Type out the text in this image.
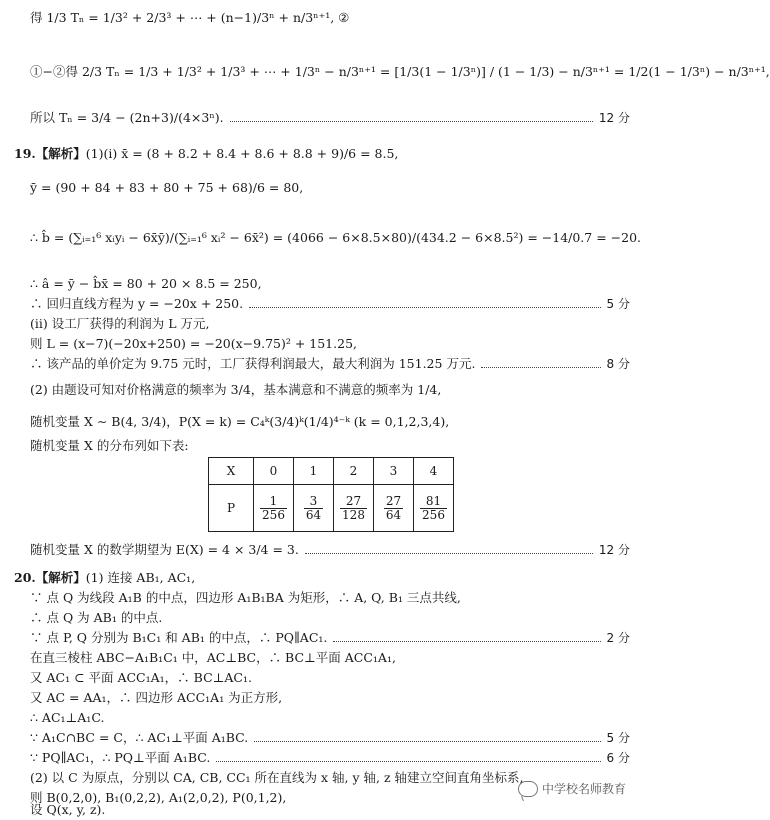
得 1/3 Tₙ = 1/3² + 2/3³ + ⋯ + (n−1)/3ⁿ + n/3ⁿ⁺¹, ②
①−②得 2/3 Tₙ = 1/3 + 1/3² + 1/3³ + ⋯ + 1/3ⁿ − n/3ⁿ⁺¹ = [1/3(1 − 1/3ⁿ)] / (1 − 1/3) − n/3ⁿ⁺¹ = 1/2(1 − 1/3ⁿ) − n/3ⁿ⁺¹,
所以 Tₙ = 3/4 − (2n+3)/(4×3ⁿ).	12 分
19.【解析】(1)(ⅰ) x̄ = (8 + 8.2 + 8.4 + 8.6 + 8.8 + 9)/6 = 8.5,
ȳ = (90 + 84 + 83 + 80 + 75 + 68)/6 = 80,
∴ b̂ = (∑ᵢ₌₁⁶ xᵢyᵢ − 6x̄ȳ)/(∑ᵢ₌₁⁶ xᵢ² − 6x̄²) = (4066 − 6×8.5×80)/(434.2 − 6×8.5²) = −14/0.7 = −20.
∴ â = ȳ − b̂x̄ = 80 + 20 × 8.5 = 250,
∴ 回归直线方程为 y = −20x + 250.	5 分
(ⅱ) 设工厂获得的利润为 L 万元,
则 L = (x−7)(−20x+250) = −20(x−9.75)² + 151.25,
∴ 该产品的单价定为 9.75 元时，工厂获得利润最大，最大利润为 151.25 万元.	8 分
(2) 由题设可知对价格满意的频率为 3/4，基本满意和不满意的频率为 1/4,
随机变量 X ∼ B(4, 3/4)，P(X = k) = C₄ᵏ(3/4)ᵏ(1/4)⁴⁻ᵏ (k = 0,1,2,3,4),
随机变量 X 的分布列如下表:
X	0	1	2	3	4
P	$\frac{1}{256}$	$\frac{3}{64}$	$\frac{27}{128}$	$\frac{27}{64}$	$\frac{81}{256}$
随机变量 X 的数学期望为 E(X) = 4 × 3/4 = 3.	12 分
20.【解析】(1) 连接 AB₁, AC₁,
∵ 点 Q 为线段 A₁B 的中点，四边形 A₁B₁BA 为矩形，∴ A, Q, B₁ 三点共线,
∴ 点 Q 为 AB₁ 的中点.
∵ 点 P, Q 分别为 B₁C₁ 和 AB₁ 的中点，∴ PQ∥AC₁.	2 分
在直三棱柱 ABC−A₁B₁C₁ 中，AC⊥BC，∴ BC⊥平面 ACC₁A₁,
又 AC₁ ⊂ 平面 ACC₁A₁，∴ BC⊥AC₁.
又 AC = AA₁，∴ 四边形 ACC₁A₁ 为正方形,
∴ AC₁⊥A₁C.
∵ A₁C∩BC = C，∴ AC₁⊥平面 A₁BC.	5 分
∵ PQ∥AC₁，∴ PQ⊥平面 A₁BC.	6 分
(2) 以 C 为原点，分别以 CA, CB, CC₁ 所在直线为 x 轴, y 轴, z 轴建立空间直角坐标系,
则 B(0,2,0), B₁(0,2,2), A₁(2,0,2), P(0,1,2),
设 Q(x, y, z).
中学校名师教育
